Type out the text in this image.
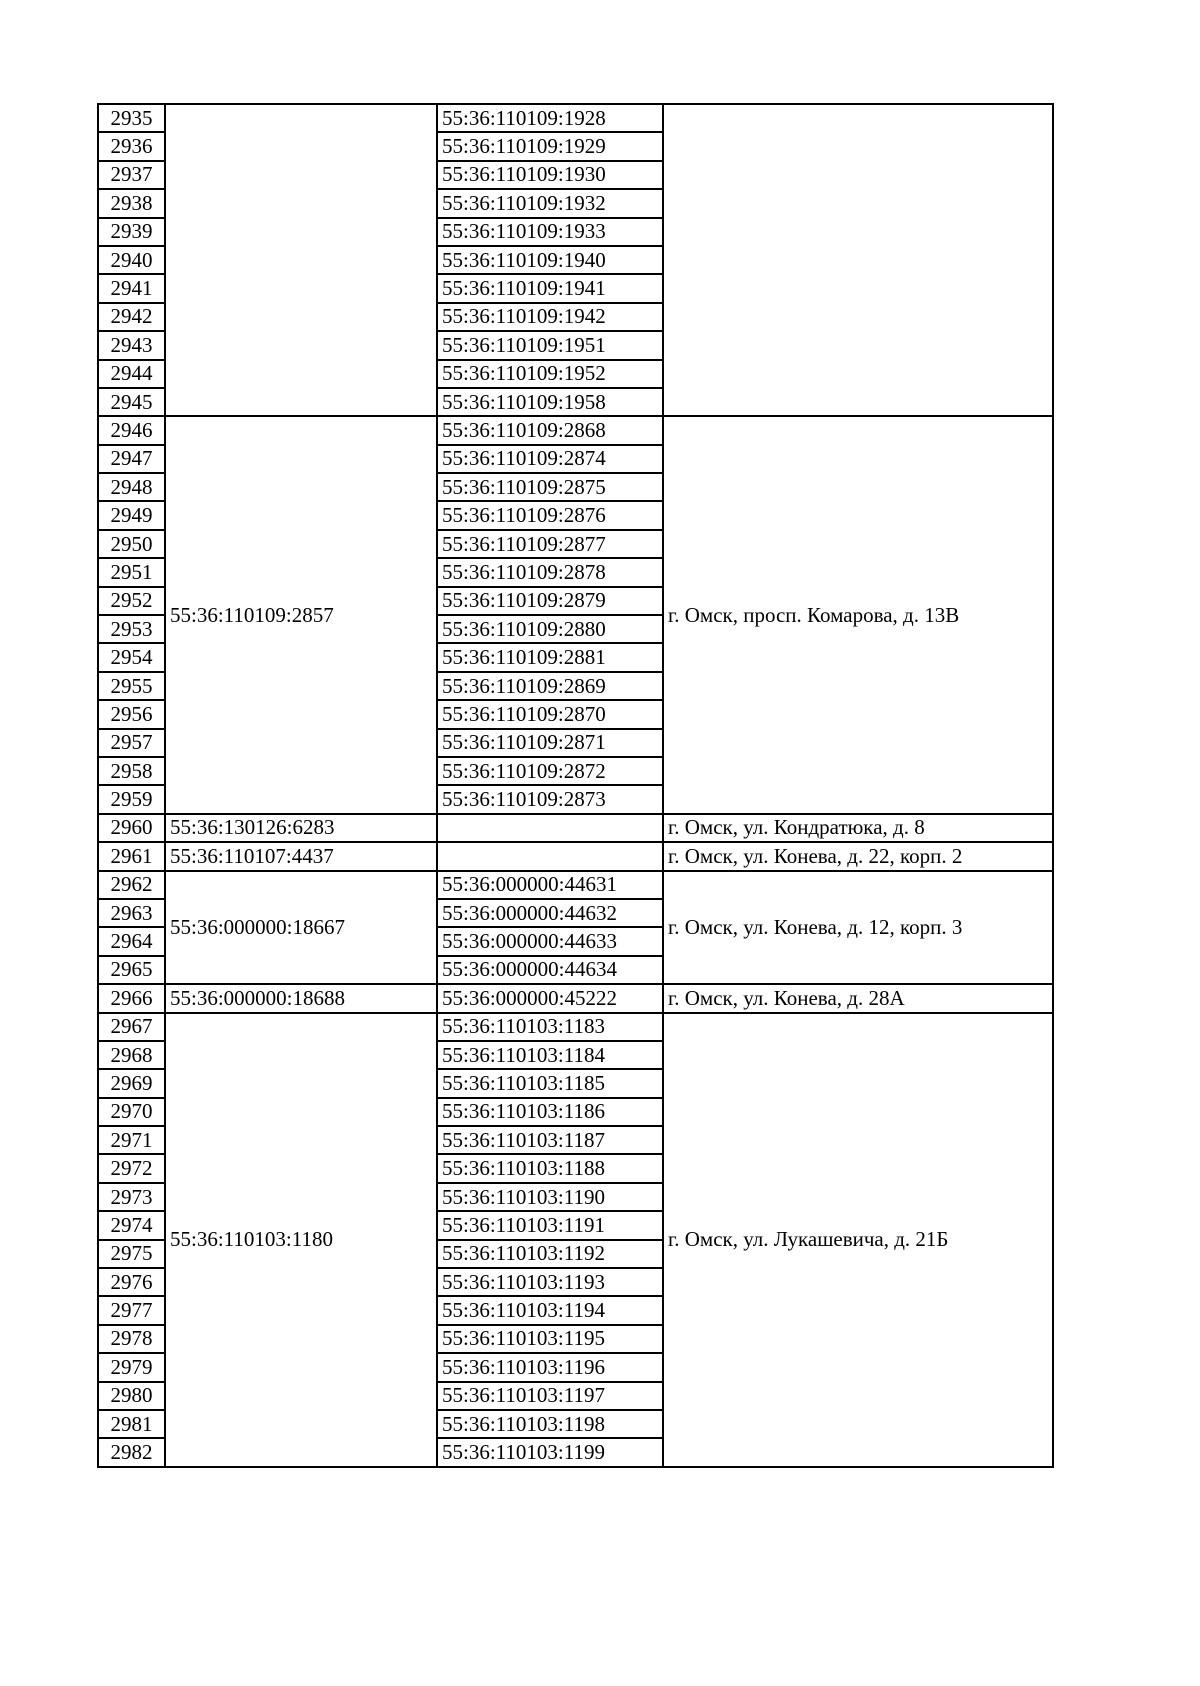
2935		55:36:110109:1928	
2936		55:36:110109:1929	
2937		55:36:110109:1930	
2938		55:36:110109:1932	
2939		55:36:110109:1933	
2940		55:36:110109:1940	
2941		55:36:110109:1941	
2942		55:36:110109:1942	
2943		55:36:110109:1951	
2944		55:36:110109:1952	
2945		55:36:110109:1958	
2946	55:36:110109:2857	55:36:110109:2868	г. Омск, просп. Комарова, д. 13В
2947		55:36:110109:2874	
2948		55:36:110109:2875	
2949		55:36:110109:2876	
2950		55:36:110109:2877	
2951		55:36:110109:2878	
2952		55:36:110109:2879	
2953		55:36:110109:2880	
2954		55:36:110109:2881	
2955		55:36:110109:2869	
2956		55:36:110109:2870	
2957		55:36:110109:2871	
2958		55:36:110109:2872	
2959		55:36:110109:2873	
2960	55:36:130126:6283		г. Омск, ул. Кондратюка, д. 8
2961	55:36:110107:4437		г. Омск, ул. Конева, д. 22, корп. 2
2962	55:36:000000:18667	55:36:000000:44631	г. Омск, ул. Конева, д. 12, корп. 3
2963		55:36:000000:44632	
2964		55:36:000000:44633	
2965		55:36:000000:44634	
2966	55:36:000000:18688	55:36:000000:45222	г. Омск, ул. Конева, д. 28А
2967	55:36:110103:1180	55:36:110103:1183	г. Омск, ул. Лукашевича, д. 21Б
2968		55:36:110103:1184	
2969		55:36:110103:1185	
2970		55:36:110103:1186	
2971		55:36:110103:1187	
2972		55:36:110103:1188	
2973		55:36:110103:1190	
2974		55:36:110103:1191	
2975		55:36:110103:1192	
2976		55:36:110103:1193	
2977		55:36:110103:1194	
2978		55:36:110103:1195	
2979		55:36:110103:1196	
2980		55:36:110103:1197	
2981		55:36:110103:1198	
2982		55:36:110103:1199	
